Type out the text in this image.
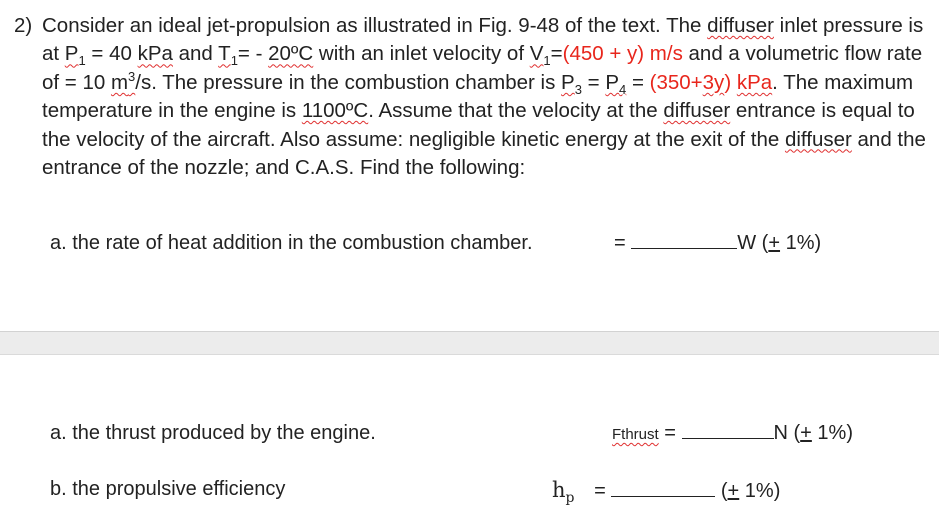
2) Consider an ideal jet-propulsion as illustrated in Fig. 9-48 of the text. The diffuser inlet pressure is at $P_1 = 40$ kPa and $T_1=$ - 20ºC with an inlet velocity of $V_1=(450 + y)$ m/s and a volumetric flow rate of = 10 $m^3/s$. The pressure in the combustion chamber is $P_3 = P_4 = (350+3y)$ kPa. The maximum temperature in the engine is 1100ºC. Assume that the velocity at the diffuser entrance is equal to the velocity of the aircraft. Also assume: negligible kinetic energy at the exit of the diffuser and the entrance of the nozzle; and C.A.S. Find the following:
a. the rate of heat addition in the combustion chamber.	=	W (+ 1%)
a. the thrust produced by the engine.	Fthrust =	N (+ 1%)
b. the propulsive efficiency	$h_p$ =	(+ 1%)
